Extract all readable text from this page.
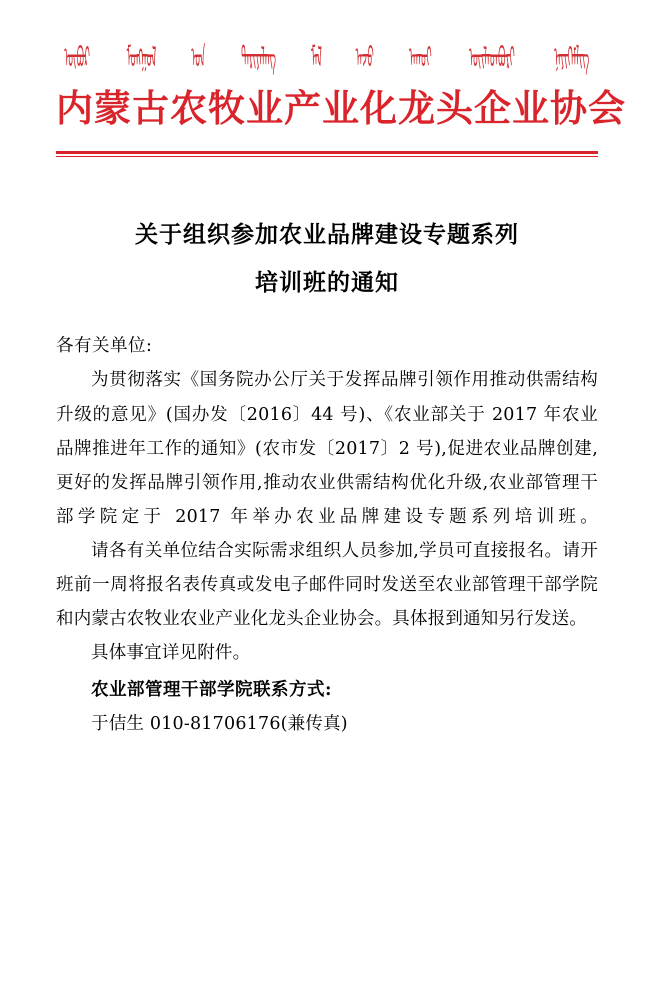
ᠦᠪᠦᠷ	ᠮᠣᠩᠭᠣᠯ	ᠤᠨ	ᠲᠠᠷᠢᠶᠠᠯᠠᠩ	ᠮᠠᠯ	ᠠᠵᠤ	ᠠᠬᠤᠢ	ᠦᠢᠯᠡᠳᠪᠦᠷᠢ	ᠨᠡᠶᠢᠭᠡᠮᠯᠢᠭ
内蒙古农牧业产业化龙头企业协会
关于组织参加农业品牌建设专题系列
培训班的通知
各有关单位:
为贯彻落实《国务院办公厅关于发挥品牌引领作用推动供需结构升级的意见》(国办发〔2016〕44 号)、《农业部关于 2017 年农业品牌推进年工作的通知》(农市发〔2017〕2 号),促进农业品牌创建,更好的发挥品牌引领作用,推动农业供需结构优化升级,农业部管理干部学院定于 2017 年举办农业品牌建设专题系列培训班。
请各有关单位结合实际需求组织人员参加,学员可直接报名。请开班前一周将报名表传真或发电子邮件同时发送至农业部管理干部学院和内蒙古农牧业农业产业化龙头企业协会。具体报到通知另行发送。
具体事宜详见附件。
农业部管理干部学院联系方式:
于佶生 010-81706176(兼传真)
